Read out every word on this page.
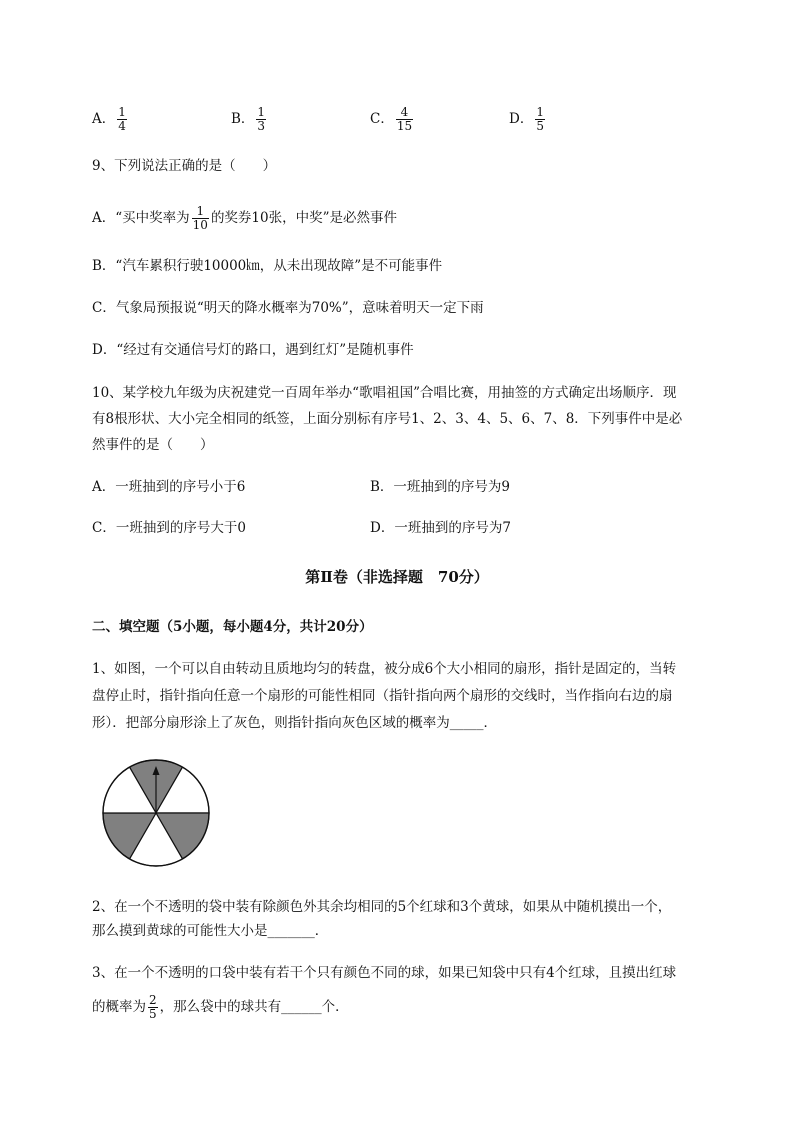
A． $\frac{1}{4}$	B． $\frac{1}{3}$	C． $\frac{4}{15}$	D． $\frac{1}{5}$
9、下列说法正确的是（　　）
A．“买中奖率为 $\frac{1}{10}$ 的奖券10张，中奖”是必然事件
B．“汽车累积行驶10000㎞，从未出现故障”是不可能事件
C．气象局预报说“明天的降水概率为70%”，意味着明天一定下雨
D．“经过有交通信号灯的路口，遇到红灯”是随机事件
10、某学校九年级为庆祝建党一百周年举办“歌唱祖国”合唱比赛，用抽签的方式确定出场顺序．现
有8根形状、大小完全相同的纸签，上面分别标有序号1、2、3、4、5、6、7、8．下列事件中是必
然事件的是（　　）
A．一班抽到的序号小于6	B．一班抽到的序号为9
C．一班抽到的序号大于0	D．一班抽到的序号为7
第Ⅱ卷（非选择题　70分）
二、填空题（5小题，每小题4分，共计20分）
1、如图，一个可以自由转动且质地均匀的转盘，被分成6个大小相同的扇形，指针是固定的，当转
盘停止时，指针指向任意一个扇形的可能性相同（指针指向两个扇形的交线时，当作指向右边的扇
形）．把部分扇形涂上了灰色，则指针指向灰色区域的概率为_____．
2、在一个不透明的袋中装有除颜色外其余均相同的5个红球和3个黄球，如果从中随机摸出一个，
那么摸到黄球的可能性大小是_______．
3、在一个不透明的口袋中装有若干个只有颜色不同的球，如果已知袋中只有4个红球，且摸出红球
的概率为 $\frac{2}{5}$ ，那么袋中的球共有______个．
